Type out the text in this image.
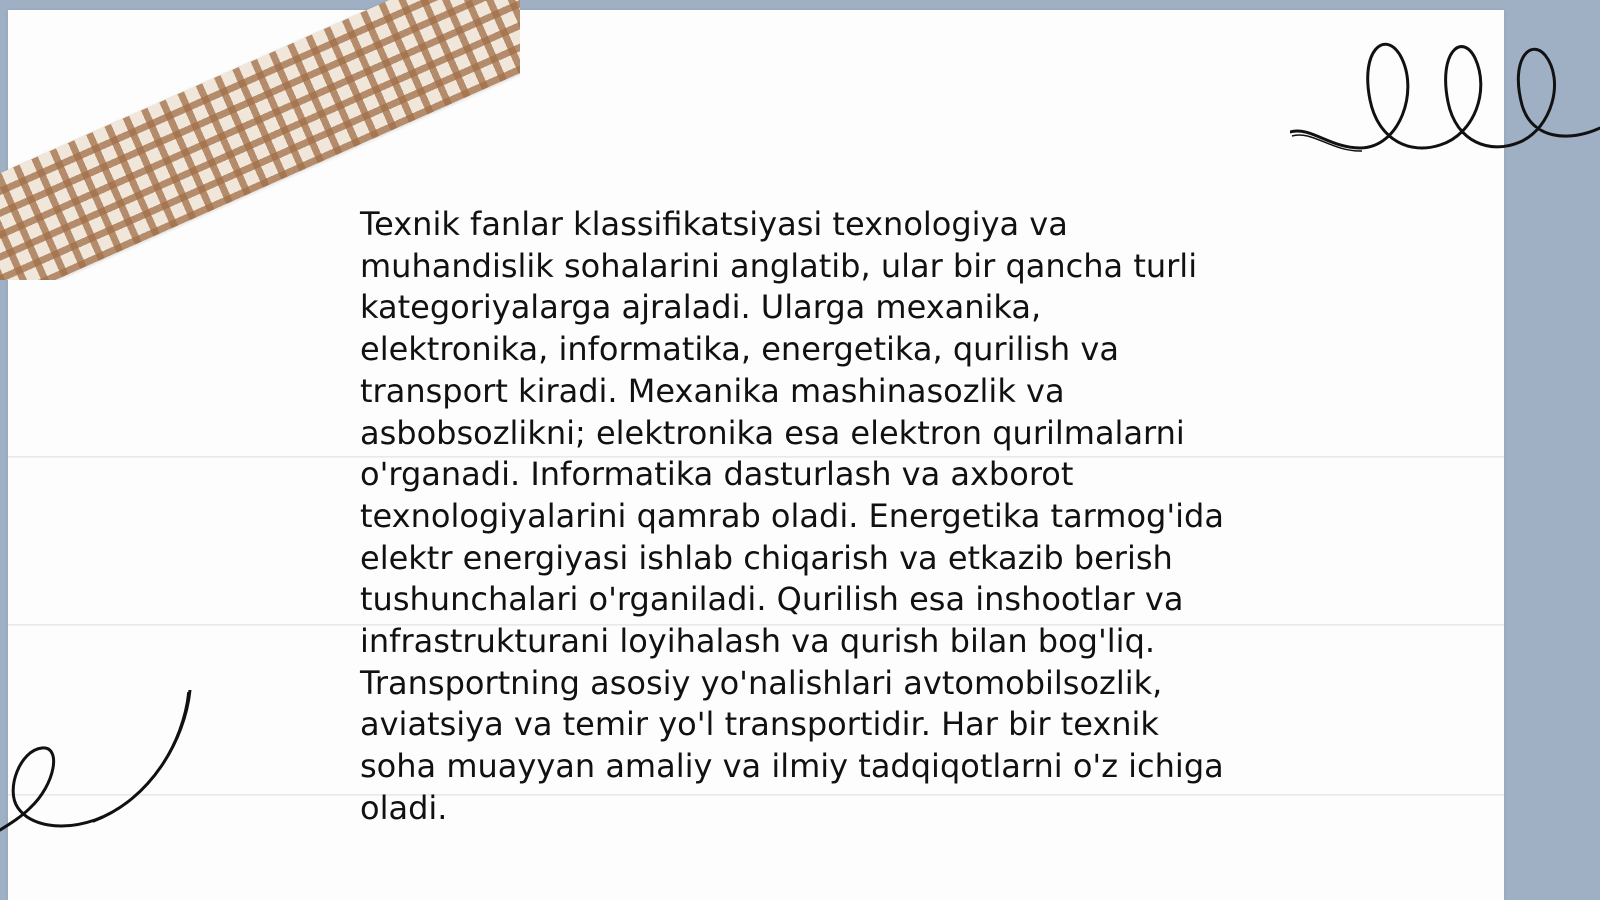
Texnik fanlar klassifikatsiyasi texnologiya va
muhandislik sohalarini anglatib, ular bir qancha turli
kategoriyalarga ajraladi. Ularga mexanika,
elektronika, informatika, energetika, qurilish va
transport kiradi. Mexanika mashinasozlik va
asbobsozlikni; elektronika esa elektron qurilmalarni
o'rganadi. Informatika dasturlash va axborot
texnologiyalarini qamrab oladi. Energetika tarmog'ida
elektr energiyasi ishlab chiqarish va etkazib berish
tushunchalari o'rganiladi. Qurilish esa inshootlar va
infrastrukturani loyihalash va qurish bilan bog'liq.
Transportning asosiy yo'nalishlari avtomobilsozlik,
aviatsiya va temir yo'l transportidir. Har bir texnik
soha muayyan amaliy va ilmiy tadqiqotlarni o'z ichiga
oladi.
